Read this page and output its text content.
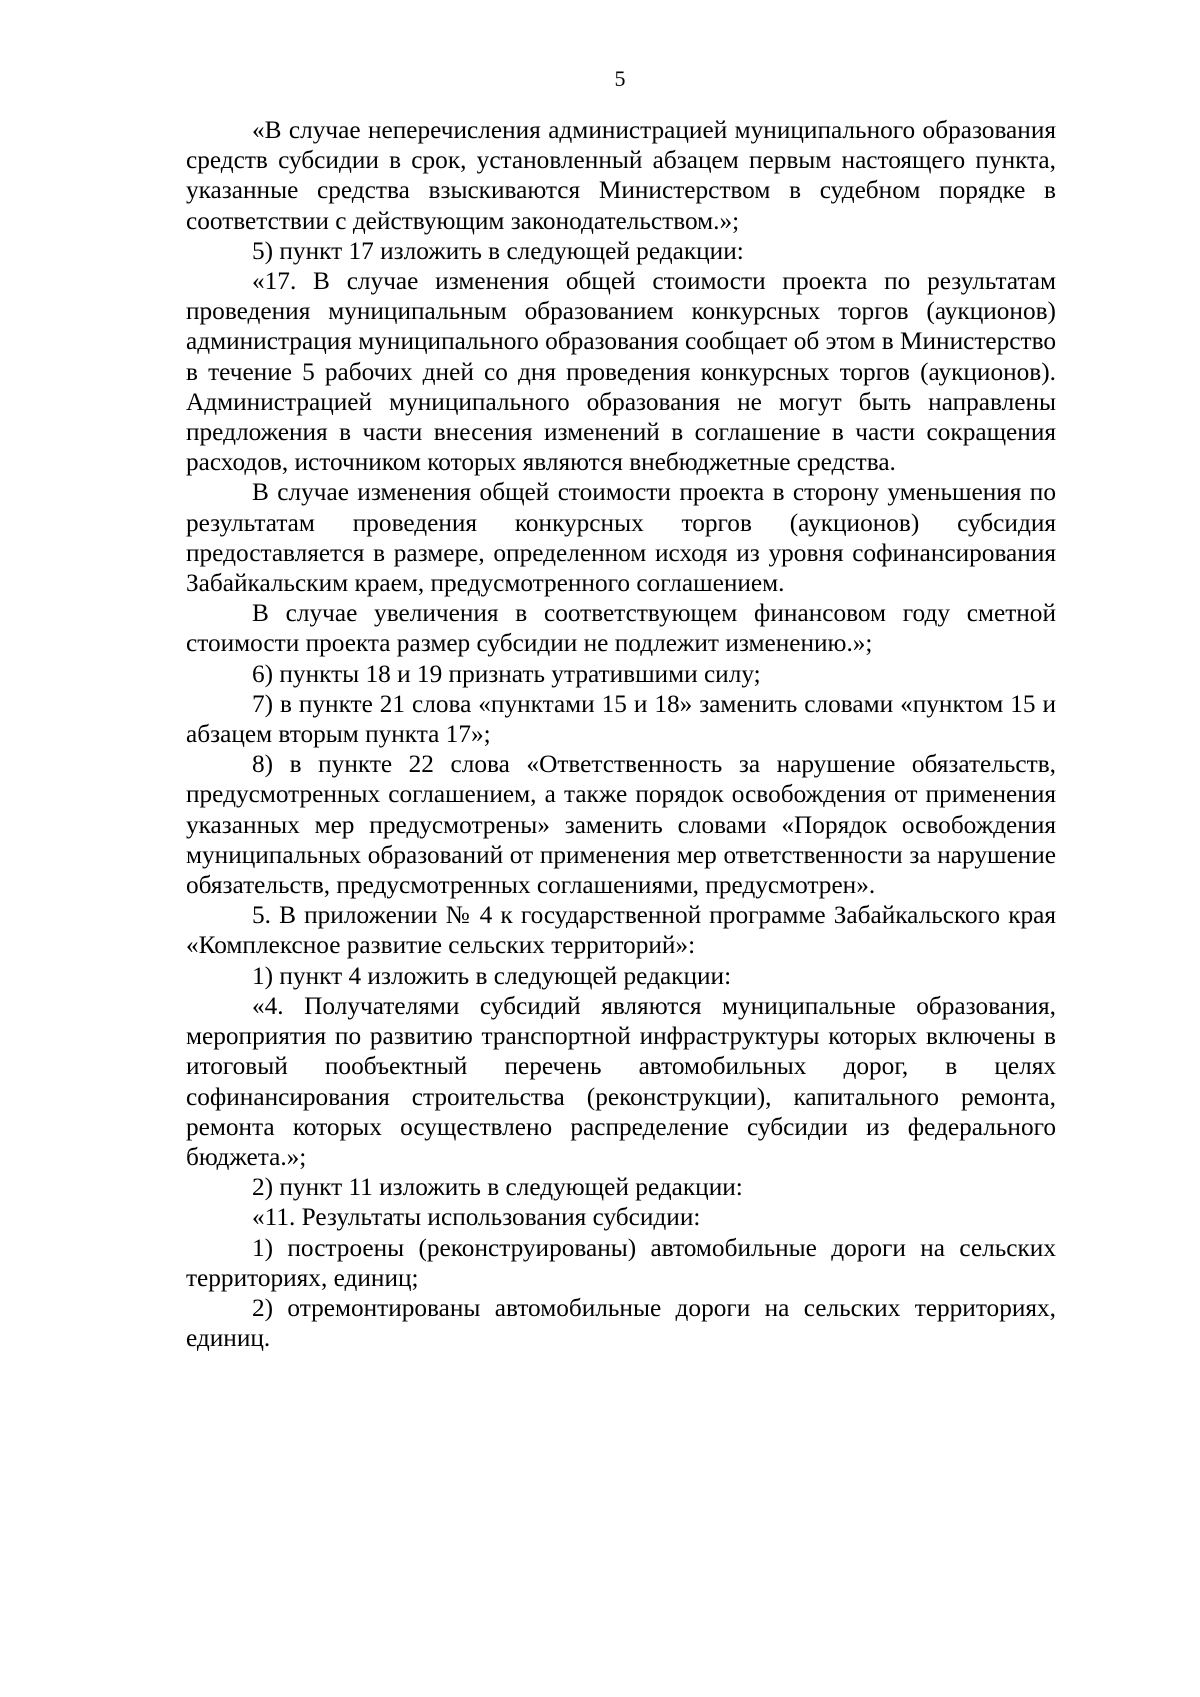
5

«В случае неперечисления администрацией муниципального образования средств субсидии в срок, установленный абзацем первым настоящего пункта, указанные средства взыскиваются Министерством в судебном порядке в соответствии с действующим законодательством.»;

5) пункт 17 изложить в следующей редакции:

«17. В случае изменения общей стоимости проекта по результатам проведения муниципальным образованием конкурсных торгов (аукционов) администрация муниципального образования сообщает об этом в Министерство в течение 5 рабочих дней со дня проведения конкурсных торгов (аукционов). Администрацией муниципального образования не могут быть направлены предложения в части внесения изменений в соглашение в части сокращения расходов, источником которых являются внебюджетные средства.

В случае изменения общей стоимости проекта в сторону уменьшения по результатам проведения конкурсных торгов (аукционов) субсидия предоставляется в размере, определенном исходя из уровня софинансирования Забайкальским краем, предусмотренного соглашением.

В случае увеличения в соответствующем финансовом году сметной стоимости проекта размер субсидии не подлежит изменению.»;

6) пункты 18 и 19 признать утратившими силу;

7) в пункте 21 слова «пунктами 15 и 18» заменить словами «пунктом 15 и абзацем вторым пункта 17»;

8) в пункте 22 слова «Ответственность за нарушение обязательств, предусмотренных соглашением, а также порядок освобождения от применения указанных мер предусмотрены» заменить словами «Порядок освобождения муниципальных образований от применения мер ответственности за нарушение обязательств, предусмотренных соглашениями, предусмотрен».

5. В приложении № 4 к государственной программе Забайкальского края «Комплексное развитие сельских территорий»:

1) пункт 4 изложить в следующей редакции:

«4. Получателями субсидий являются муниципальные образования, мероприятия по развитию транспортной инфраструктуры которых включены в итоговый пообъектный перечень автомобильных дорог, в целях софинансирования строительства (реконструкции), капитального ремонта, ремонта которых осуществлено распределение субсидии из федерального бюджета.»;

2) пункт 11 изложить в следующей редакции:

«11. Результаты использования субсидии:

1) построены (реконструированы) автомобильные дороги на сельских территориях, единиц;

2) отремонтированы автомобильные дороги на сельских территориях, единиц.
